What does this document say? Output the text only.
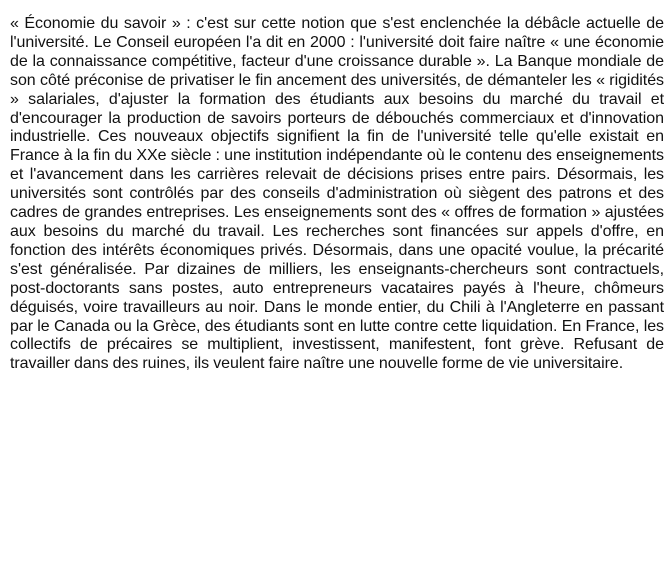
« Économie du savoir » : c'est sur cette notion que s'est enclenchée la débâcle actuelle de l'université. Le Conseil européen l'a dit en 2000 : l'université doit faire naître « une économie de la connaissance compétitive, facteur d'une croissance durable ». La Banque mondiale de son côté préconise de privatiser le fin ancement des universités, de démanteler les « rigidités » salariales, d'ajuster la formation des étudiants aux besoins du marché du travail et d'encourager la production de savoirs porteurs de débouchés commerciaux et d'innovation industrielle. Ces nouveaux objectifs signifient la fin de l'université telle qu'elle existait en France à la fin du XXe siècle : une institution indépendante où le contenu des enseignements et l'avancement dans les carrières relevait de décisions prises entre pairs. Désormais, les universités sont contrôlés par des conseils d'administration où siègent des patrons et des cadres de grandes entreprises. Les enseignements sont des « offres de formation » ajustées aux besoins du marché du travail. Les recherches sont financées sur appels d'offre, en fonction des intérêts économiques privés. Désormais, dans une opacité voulue, la précarité s'est généralisée. Par dizaines de milliers, les enseignants-chercheurs sont contractuels, post-doctorants sans postes, auto entrepreneurs vacataires payés à l'heure, chômeurs déguisés, voire travailleurs au noir. Dans le monde entier, du Chili à l'Angleterre en passant par le Canada ou la Grèce, des étudiants sont en lutte contre cette liquidation. En France, les collectifs de précaires se multiplient, investissent, manifestent, font grève. Refusant de travailler dans des ruines, ils veulent faire naître une nouvelle forme de vie universitaire.
